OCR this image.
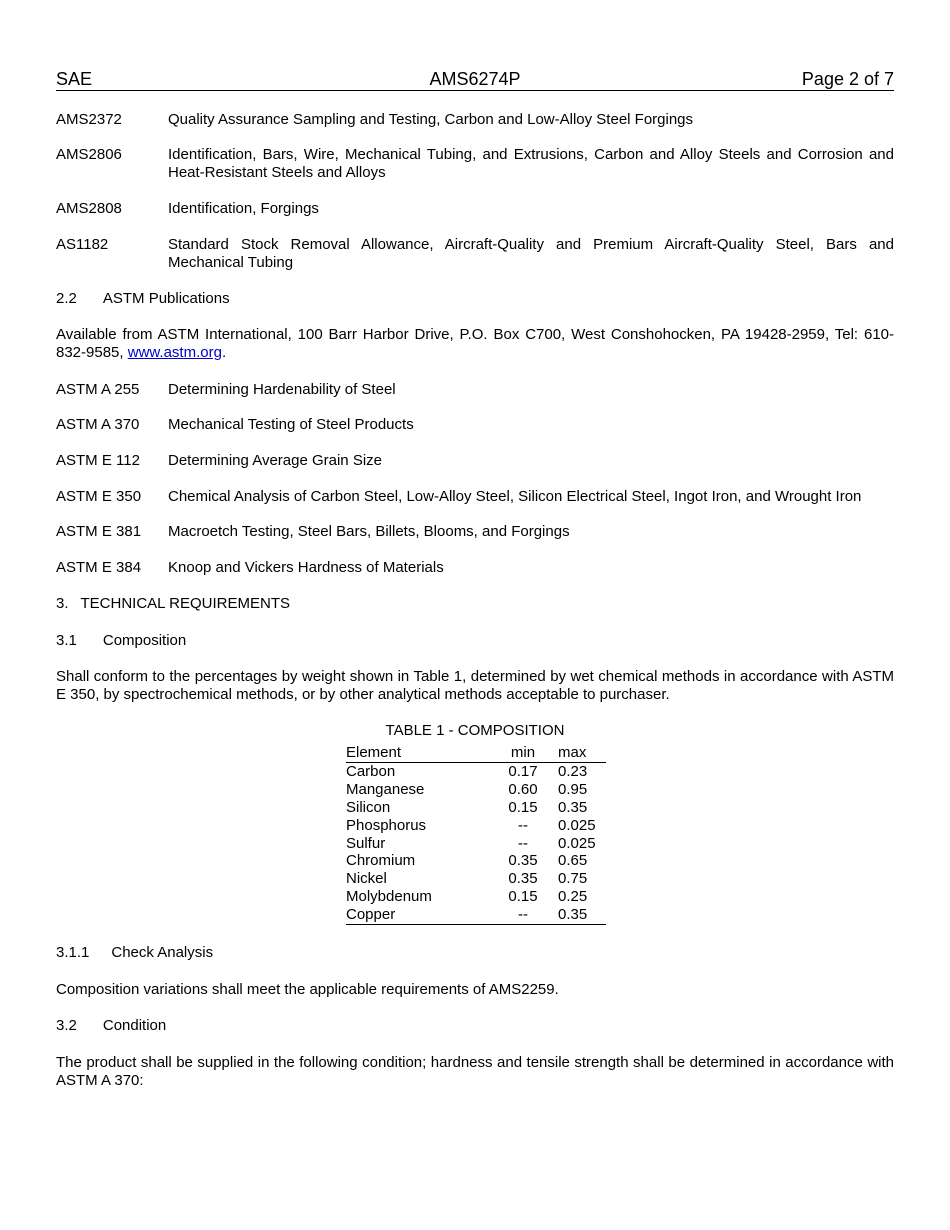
SAE	AMS6274P	Page 2 of 7
AMS2372	Quality Assurance Sampling and Testing, Carbon and Low-Alloy Steel Forgings
AMS2806	Identification, Bars, Wire, Mechanical Tubing, and Extrusions, Carbon and Alloy Steels and Corrosion and Heat-Resistant Steels and Alloys
AMS2808	Identification, Forgings
AS1182	Standard Stock Removal Allowance, Aircraft-Quality and Premium Aircraft-Quality Steel, Bars and Mechanical Tubing
2.2 ASTM Publications
Available from ASTM International, 100 Barr Harbor Drive, P.O. Box C700, West Conshohocken, PA 19428-2959, Tel: 610-832-9585, www.astm.org.
ASTM A 255 Determining Hardenability of Steel
ASTM A 370 Mechanical Testing of Steel Products
ASTM E 112 Determining Average Grain Size
ASTM E 350 Chemical Analysis of Carbon Steel, Low-Alloy Steel, Silicon Electrical Steel, Ingot Iron, and Wrought Iron
ASTM E 381 Macroetch Testing, Steel Bars, Billets, Blooms, and Forgings
ASTM E 384 Knoop and Vickers Hardness of Materials
3. TECHNICAL REQUIREMENTS
3.1 Composition
Shall conform to the percentages by weight shown in Table 1, determined by wet chemical methods in accordance with ASTM E 350, by spectrochemical methods, or by other analytical methods acceptable to purchaser.
TABLE 1 - COMPOSITION
Element	min	max
Carbon	0.17	0.23
Manganese	0.60	0.95
Silicon	0.15	0.35
Phosphorus	--	0.025
Sulfur	--	0.025
Chromium	0.35	0.65
Nickel	0.35	0.75
Molybdenum	0.15	0.25
Copper	--	0.35
3.1.1 Check Analysis
Composition variations shall meet the applicable requirements of AMS2259.
3.2 Condition
The product shall be supplied in the following condition; hardness and tensile strength shall be determined in accordance with ASTM A 370:
